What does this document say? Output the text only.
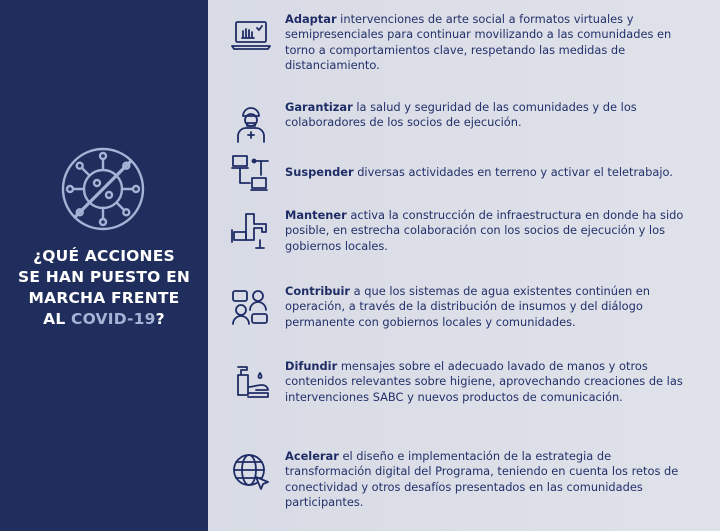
¿QUÉ ACCIONES
SE HAN PUESTO EN
MARCHA FRENTE
AL COVID-19?
Adaptar intervenciones de arte social a formatos virtuales y semipresenciales para continuar movilizando a las comunidades en torno a comportamientos clave, respetando las medidas de distanciamiento.
Garantizar la salud y seguridad de las comunidades y de los colaboradores de los socios de ejecución.
Suspender diversas actividades en terreno y activar el teletrabajo.
Mantener activa la construcción de infraestructura en donde ha sido posible, en estrecha colaboración con los socios de ejecución y los gobiernos locales.
Contribuir a que los sistemas de agua existentes continúen en operación, a través de la distribución de insumos y del diálogo permanente con gobiernos locales y comunidades.
Difundir mensajes sobre el adecuado lavado de manos y otros contenidos relevantes sobre higiene, aprovechando creaciones de las intervenciones SABC y nuevos productos de comunicación.
Acelerar el diseño e implementación de la estrategia de transformación digital del Programa, teniendo en cuenta los retos de conectividad y otros desafíos presentados en las comunidades participantes.
